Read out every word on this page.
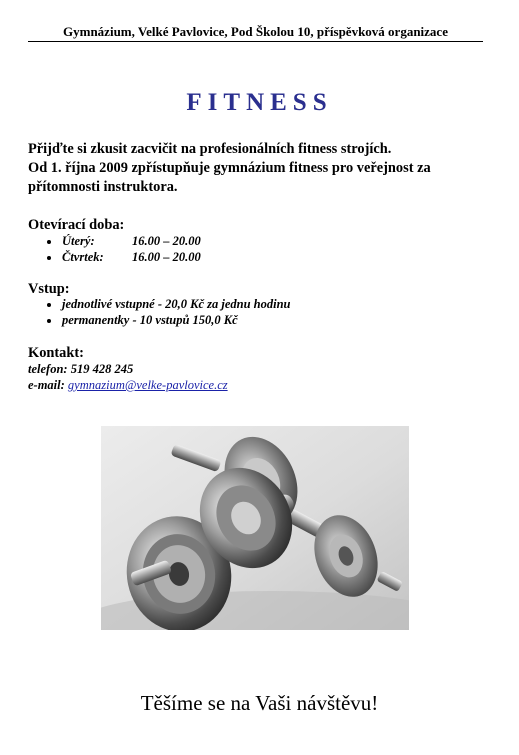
Gymnázium, Velké Pavlovice, Pod Školou 10, příspěvková organizace
FITNESS

Přijďte si zkusit zacvičit na profesionálních fitness strojích.
Od 1. října 2009 zpřístupňuje gymnázium fitness pro veřejnost za přítomnosti instruktora.

Otevírací doba:

Úterý:	16.00 – 20.00
Čtvrtek: 16.00 – 20.00

Vstup:

jednotlivé vstupné - 20,0 Kč za jednu hodinu
permanentky - 10 vstupů 150,0 Kč

Kontakt:

telefon: 519 428 245

e-mail: gymnazium@velke-pavlovice.cz

Těšíme se na Vaši návštěvu!
